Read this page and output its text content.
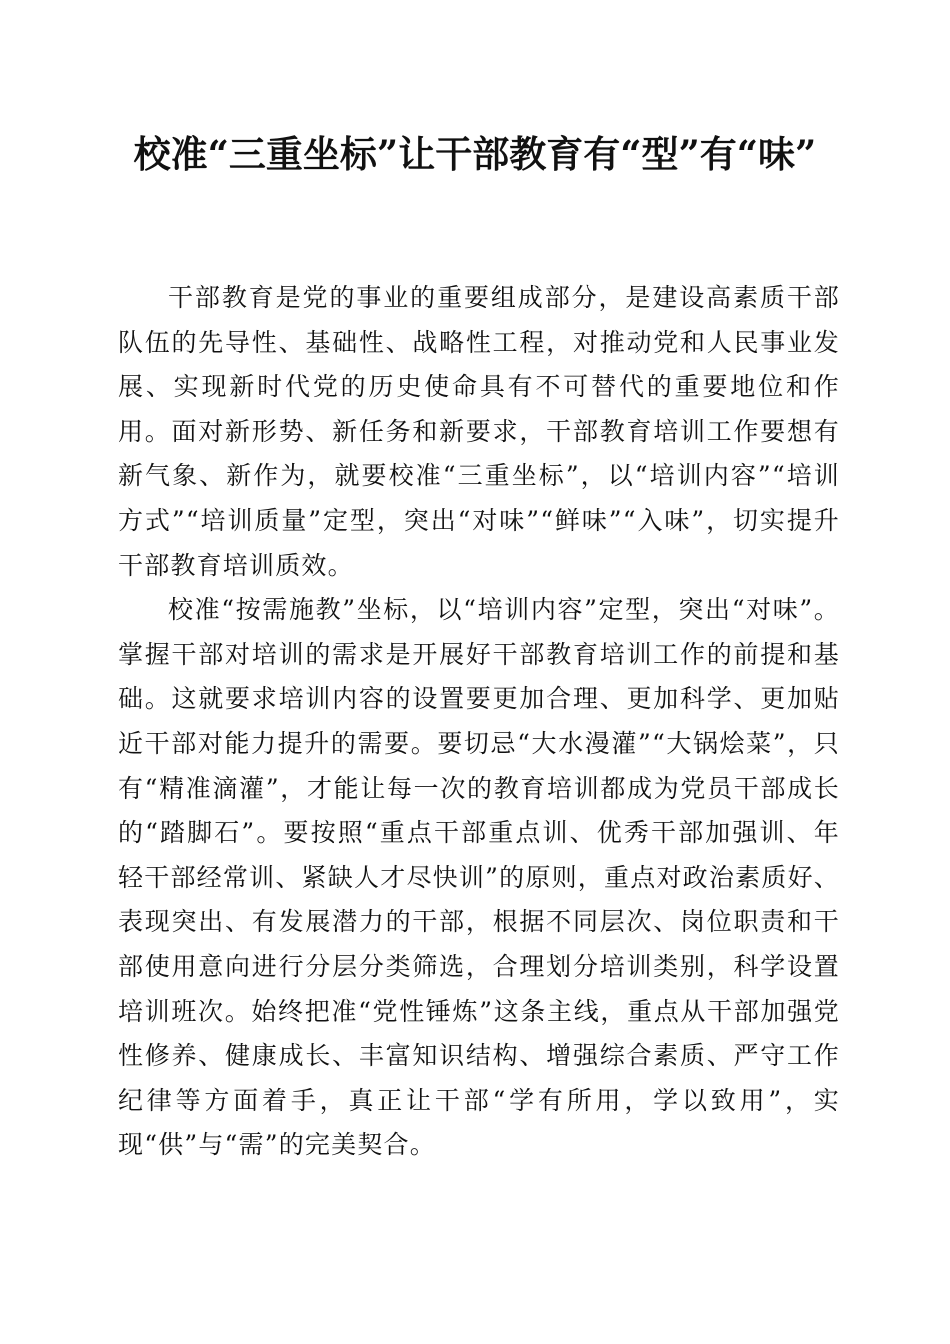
校准“三重坐标”让干部教育有“型”有“味”

干部教育是党的事业的重要组成部分，是建设高素质干部队伍的先导性、基础性、战略性工程，对推动党和人民事业发展、实现新时代党的历史使命具有不可替代的重要地位和作用。面对新形势、新任务和新要求，干部教育培训工作要想有新气象、新作为，就要校准“三重坐标”，以“培训内容”“培训方式”“培训质量”定型，突出“对味”“鲜味”“入味”，切实提升干部教育培训质效。

校准“按需施教”坐标，以“培训内容”定型，突出“对味”。掌握干部对培训的需求是开展好干部教育培训工作的前提和基础。这就要求培训内容的设置要更加合理、更加科学、更加贴近干部对能力提升的需要。要切忌“大水漫灌”“大锅烩菜”，只有“精准滴灌”，才能让每一次的教育培训都成为党员干部成长的“踏脚石”。要按照“重点干部重点训、优秀干部加强训、年轻干部经常训、紧缺人才尽快训”的原则，重点对政治素质好、表现突出、有发展潜力的干部，根据不同层次、岗位职责和干部使用意向进行分层分类筛选，合理划分培训类别，科学设置培训班次。始终把准“党性锤炼”这条主线，重点从干部加强党性修养、健康成长、丰富知识结构、增强综合素质、严守工作纪律等方面着手，真正让干部“学有所用，学以致用”，实现“供”与“需”的完美契合。
